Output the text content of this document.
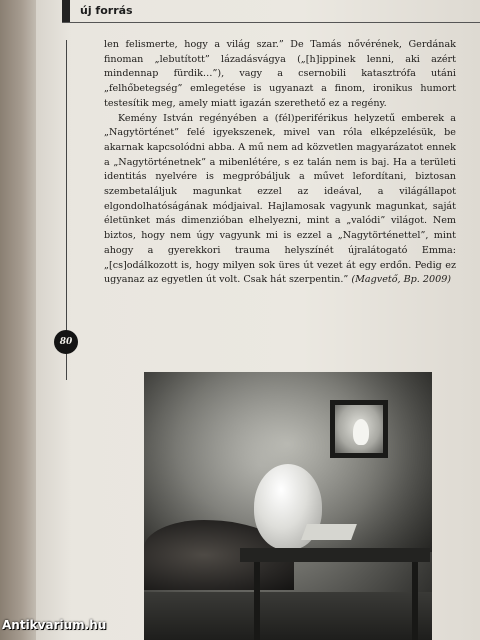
új forrás
80

len felismerte, hogy a világ szar.” De Tamás nővérének, Gerdának finoman „lebutított” lázadásvágya („[h]ippinek lenni, aki azért mindennap fürdik…”), vagy a csernobili katasztrófa utáni „felhőbetegség” emlegetése is ugyanazt a finom, ironikus humort testesítik meg, amely miatt igazán szerethető ez a regény.

Kemény István regényében a (fél)periférikus helyzetű emberek a „Nagytörténet” felé igyekszenek, mivel van róla elképzelésük, be akarnak kapcsolódni abba. A mű nem ad közvetlen magyarázatot ennek a „Nagytörténetnek” a mibenlétére, s ez talán nem is baj. Ha a területi identitás nyelvére is megpróbáljuk a művet lefordítani, biztosan szembetaláljuk magunkat ezzel az ideával, a világállapot elgondolhatóságának módjaival. Hajlamosak vagyunk magunkat, saját életünket más dimenzióban elhelyezni, mint a „valódi” világot. Nem biztos, hogy nem úgy vagyunk mi is ezzel a „Nagytörténettel”, mint ahogy a gyerekkori trauma helyszínét újralátogató Emma: „[cs]odálkozott is, hogy milyen sok üres út vezet át egy erdőn. Pedig ez ugyanaz az egyetlen út volt. Csak hát szerpentin.” (Magvető, Bp. 2009)

Antikvarium.hu
